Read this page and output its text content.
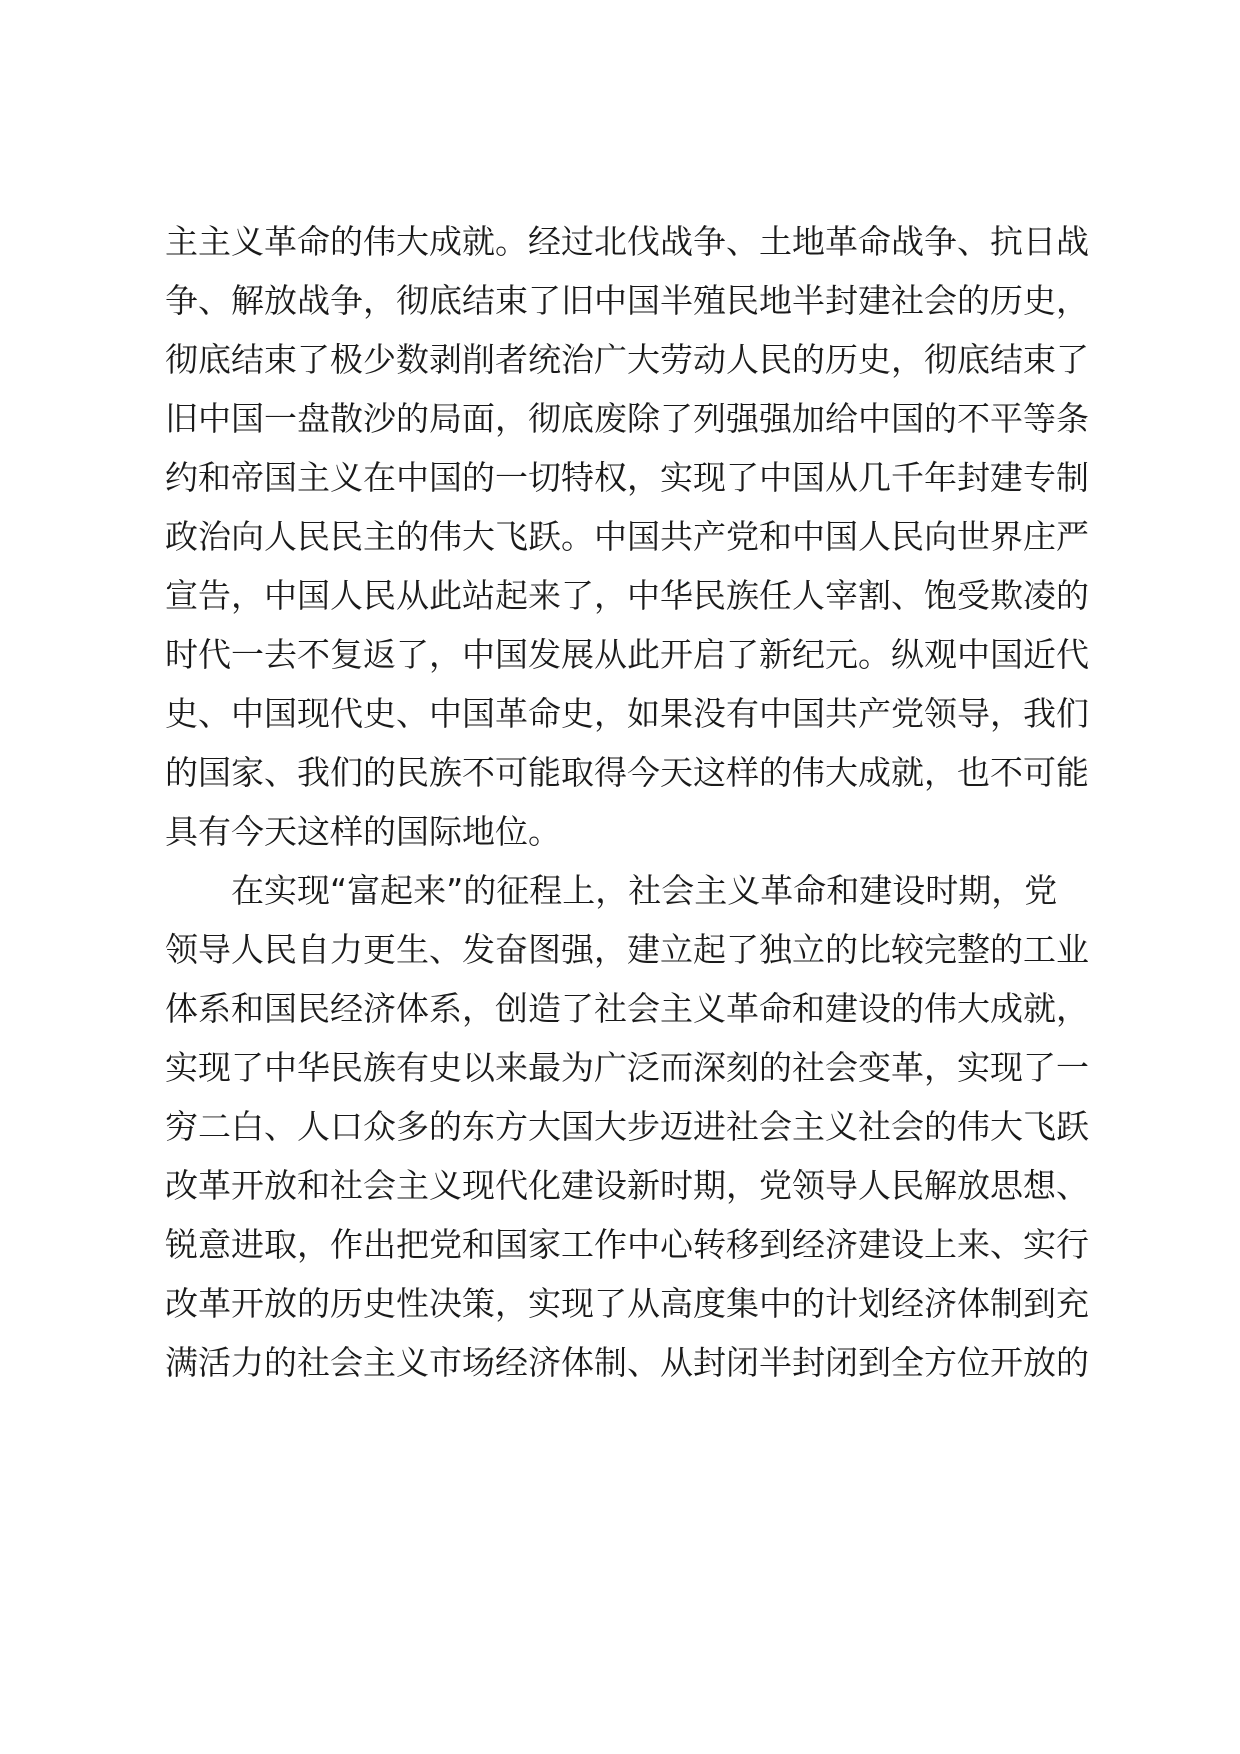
主主义革命的伟大成就。经过北伐战争、土地革命战争、抗日战

争、解放战争，彻底结束了旧中国半殖民地半封建社会的历史，

彻底结束了极少数剥削者统治广大劳动人民的历史，彻底结束了

旧中国一盘散沙的局面，彻底废除了列强强加给中国的不平等条

约和帝国主义在中国的一切特权，实现了中国从几千年封建专制

政治向人民民主的伟大飞跃。中国共产党和中国人民向世界庄严

宣告，中国人民从此站起来了，中华民族任人宰割、饱受欺凌的

时代一去不复返了，中国发展从此开启了新纪元。纵观中国近代

史、中国现代史、中国革命史，如果没有中国共产党领导，我们

的国家、我们的民族不可能取得今天这样的伟大成就，也不可能

具有今天这样的国际地位。

在实现“富起来”的征程上，社会主义革命和建设时期，党

领导人民自力更生、发奋图强，建立起了独立的比较完整的工业

体系和国民经济体系，创造了社会主义革命和建设的伟大成就，

实现了中华民族有史以来最为广泛而深刻的社会变革，实现了一

穷二白、人口众多的东方大国大步迈进社会主义社会的伟大飞跃

改革开放和社会主义现代化建设新时期，党领导人民解放思想、

锐意进取，作出把党和国家工作中心转移到经济建设上来、实行

改革开放的历史性决策，实现了从高度集中的计划经济体制到充

满活力的社会主义市场经济体制、从封闭半封闭到全方位开放的
